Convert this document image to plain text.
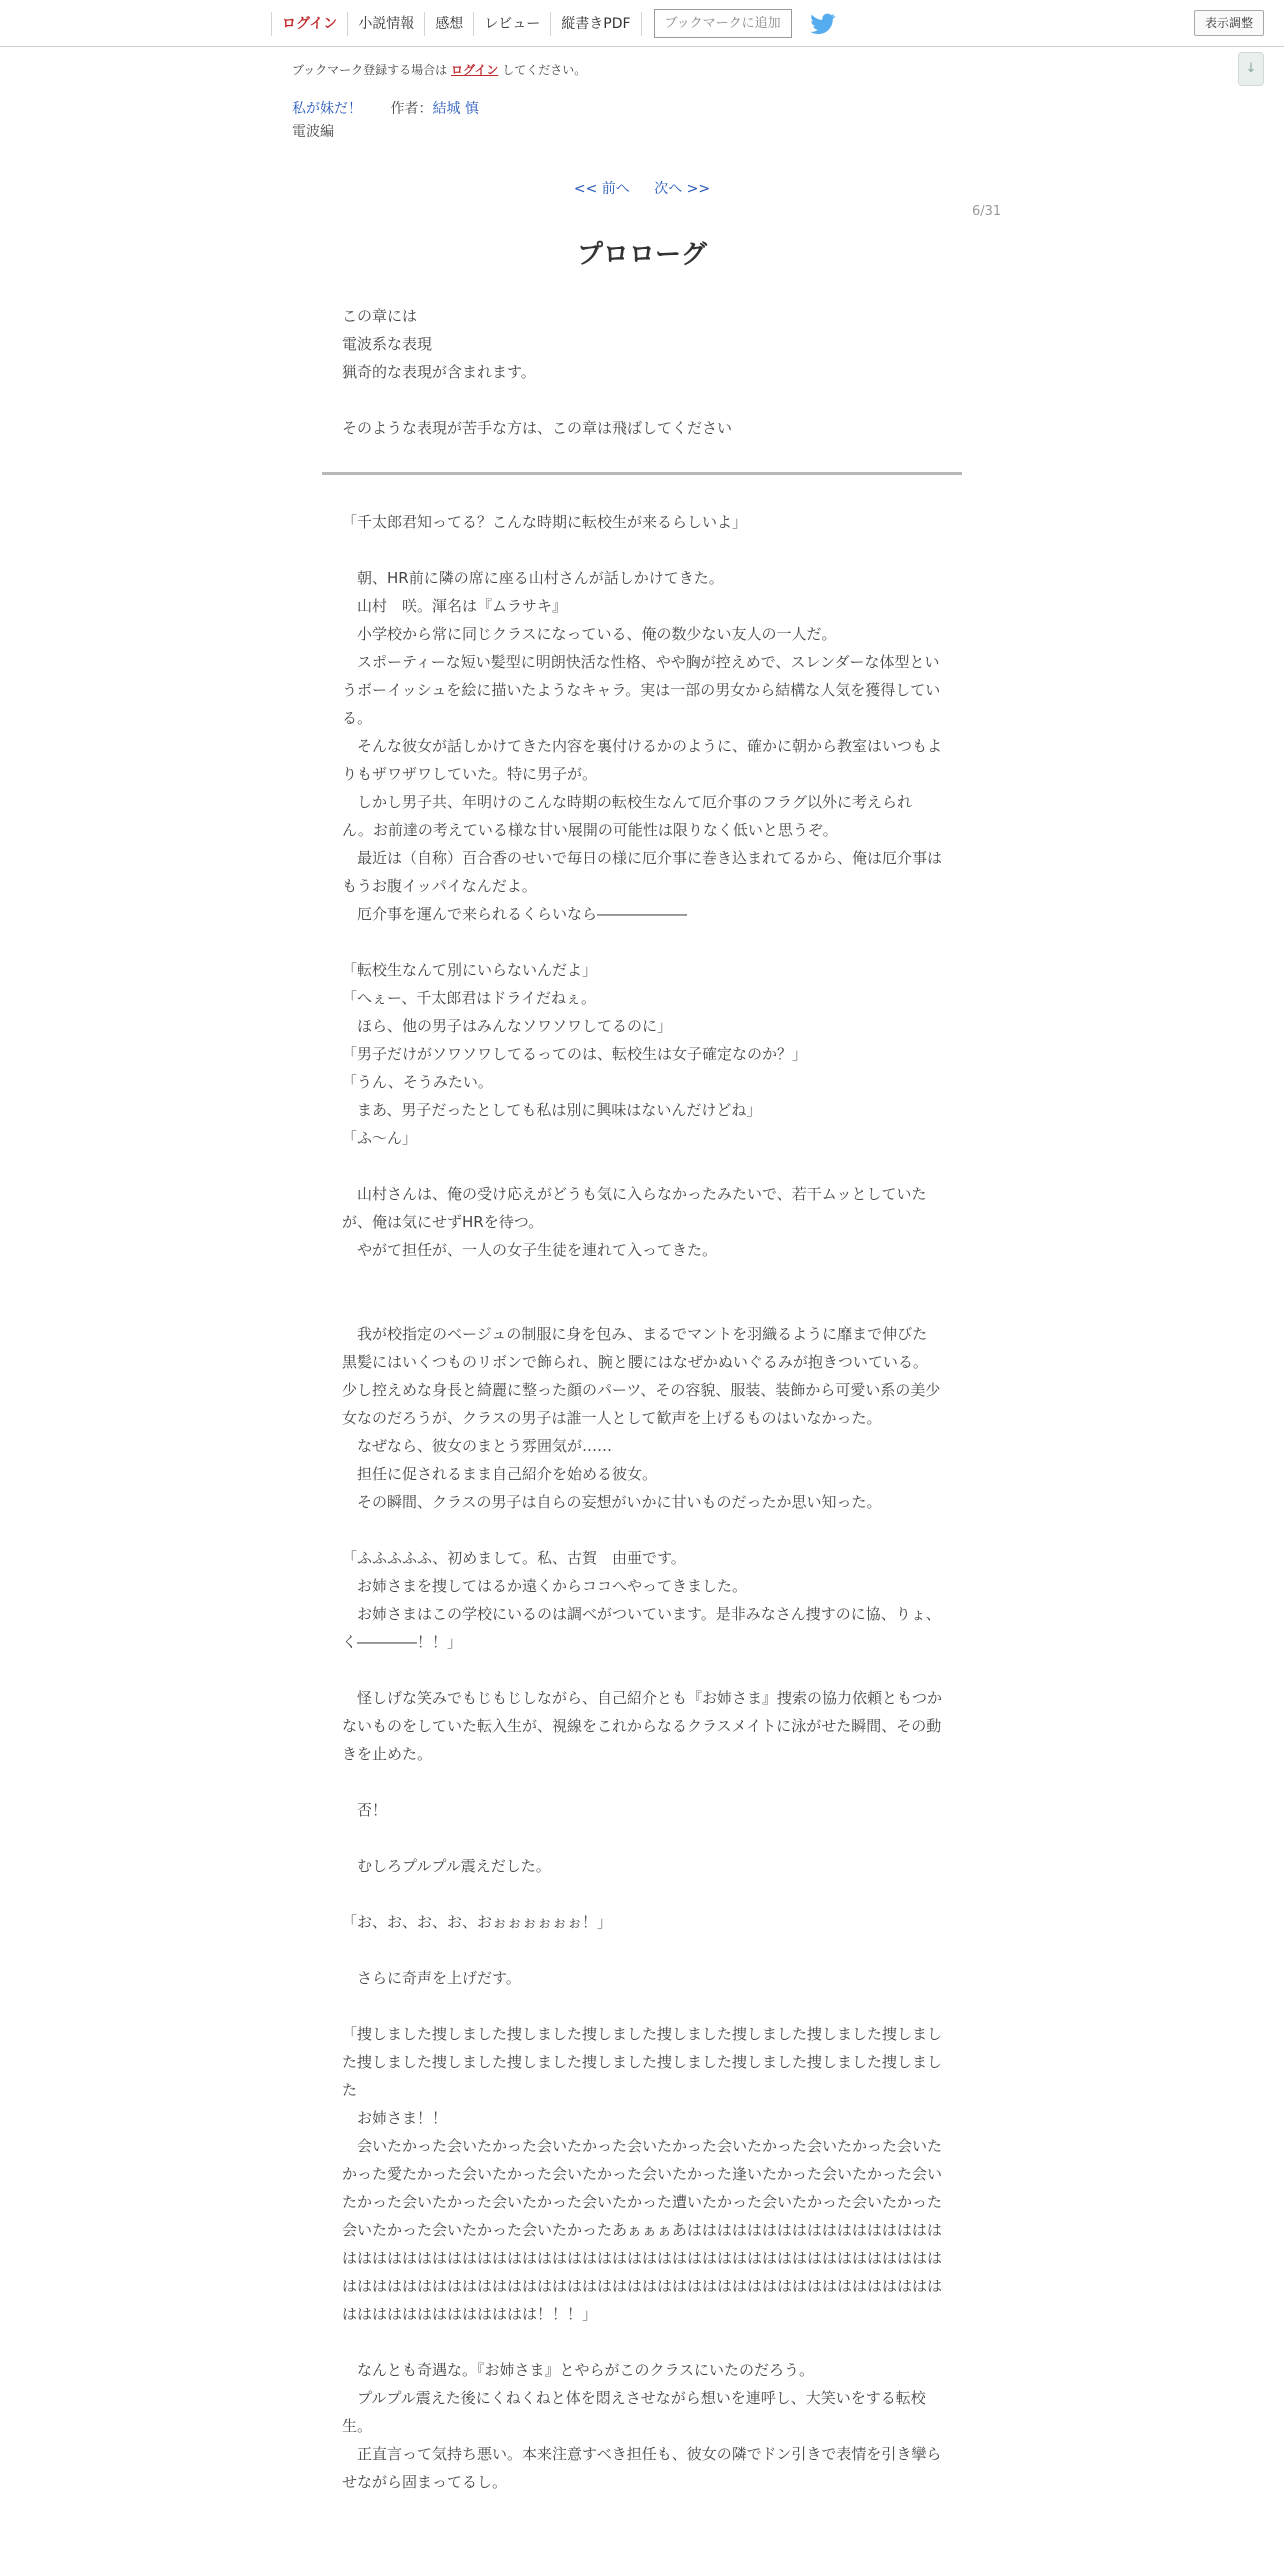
ログイン	小説情報	感想	レビュー	縦書きPDF	ブックマークに追加	表示調整
↓
ブックマーク登録する場合は ログイン してください。
私が妹だ！ 作者：結城 慎
電波編
<< 前へ 次へ >>
6/31
プロローグ

この章には

電波系な表現

猟奇的な表現が含まれます。

そのような表現が苦手な方は、この章は飛ばしてください

「千太郎君知ってる？こんな時期に転校生が来るらしいよ」

　朝、HR前に隣の席に座る山村さんが話しかけてきた。

　山村　咲。渾名は『ムラサキ』

　小学校から常に同じクラスになっている、俺の数少ない友人の一人だ。

　スポーティーな短い髪型に明朗快活な性格、やや胸が控えめで、スレンダーな体型というボーイッシュを絵に描いたようなキャラ。実は一部の男女から結構な人気を獲得している。

　そんな彼女が話しかけてきた内容を裏付けるかのように、確かに朝から教室はいつもよりもザワザワしていた。特に男子が。

　しかし男子共、年明けのこんな時期の転校生なんて厄介事のフラグ以外に考えられん。お前達の考えている様な甘い展開の可能性は限りなく低いと思うぞ。

　最近は（自称）百合香のせいで毎日の様に厄介事に巻き込まれてるから、俺は厄介事はもうお腹イッパイなんだよ。

　厄介事を運んで来られるくらいなら――――――

「転校生なんて別にいらないんだよ」

「へぇー、千太郎君はドライだねぇ。

　ほら、他の男子はみんなソワソワしてるのに」

「男子だけがソワソワしてるってのは、転校生は女子確定なのか？」

「うん、そうみたい。

　まあ、男子だったとしても私は別に興味はないんだけどね」

「ふ〜ん」

　山村さんは、俺の受け応えがどうも気に入らなかったみたいで、若干ムッとしていたが、俺は気にせずHRを待つ。

　やがて担任が、一人の女子生徒を連れて入ってきた。

　我が校指定のベージュの制服に身を包み、まるでマントを羽織るように靡まで伸びた黒髪にはいくつものリボンで飾られ、腕と腰にはなぜかぬいぐるみが抱きついている。少し控えめな身長と綺麗に整った顔のパーツ、その容貌、服装、装飾から可愛い系の美少女なのだろうが、クラスの男子は誰一人として歓声を上げるものはいなかった。

　なぜなら、彼女のまとう雰囲気が……

　担任に促されるまま自己紹介を始める彼女。

　その瞬間、クラスの男子は自らの妄想がいかに甘いものだったか思い知った。

「ふふふふふ、初めまして。私、古賀　由亜です。

　お姉さまを捜してはるか遠くからココへやってきました。

　お姉さまはこの学校にいるのは調べがついています。是非みなさん捜すのに協、りょ、く――――！！」

　怪しげな笑みでもじもじしながら、自己紹介とも『お姉さま』捜索の協力依頼ともつかないものをしていた転入生が、視線をこれからなるクラスメイトに泳がせた瞬間、その動きを止めた。

　否！

　むしろプルプル震えだした。

「お、お、お、お、おぉぉぉぉぉぉ！」

　さらに奇声を上げだす。

「捜しました捜しました捜しました捜しました捜しました捜しました捜しました捜しました捜しました捜しました捜しました捜しました捜しました捜しました捜しました捜しました

　お姉さま！！

　会いたかった会いたかった会いたかった会いたかった会いたかった会いたかった会いたかった愛たかった会いたかった会いたかった会いたかった逢いたかった会いたかった会いたかった会いたかった会いたかった会いたかった遭いたかった会いたかった会いたかった会いたかった会いたかった会いたかったあぁぁぁあはははははははははははははははははははははははははははははははははははははははははははははははははははははははははははははははははははははははははははははははははははははははははははははははははははははははははははははは！！！」

　なんとも奇遇な。『お姉さま』とやらがこのクラスにいたのだろう。

　プルプル震えた後にくねくねと体を悶えさせながら想いを連呼し、大笑いをする転校生。

　正直言って気持ち悪い。本来注意すべき担任も、彼女の隣でドン引きで表情を引き攣らせながら固まってるし。
